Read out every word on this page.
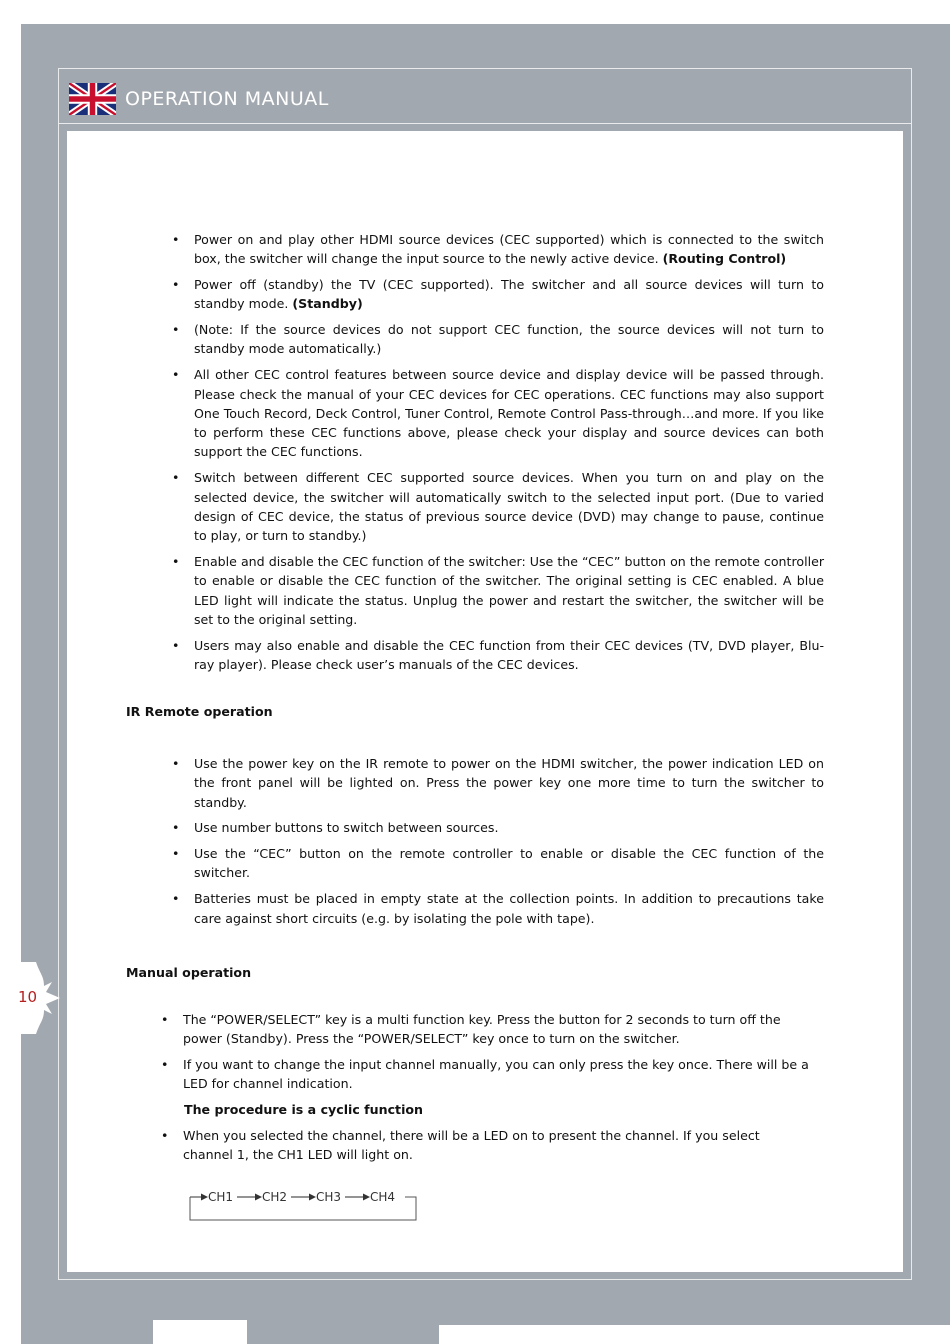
OPERATION MANUAL
• Power on and play other HDMI source devices (CEC supported) which is connected to the switch box, the switcher will change the input source to the newly active device. (Routing Control)
• Power off (standby) the TV (CEC supported). The switcher and all source devices will turn to standby mode. (Standby)
• (Note: If the source devices do not support CEC function, the source devices will not turn to standby mode automatically.)
• All other CEC control features between source device and display device will be passed through. Please check the manual of your CEC devices for CEC operations. CEC functions may also support One Touch Record, Deck Control, Tuner Control, Remote Control Pass-through…and more. If you like to perform these CEC functions above, please check your display and source devices can both support the CEC functions.
• Switch between different CEC supported source devices. When you turn on and play on the selected device, the switcher will automatically switch to the selected input port. (Due to varied design of CEC device, the status of previous source device (DVD) may change to pause, continue to play, or turn to standby.)
• Enable and disable the CEC function of the switcher: Use the “CEC” button on the remote controller to enable or disable the CEC function of the switcher. The original setting is CEC enabled. A blue LED light will indicate the status. Unplug the power and restart the switcher, the switcher will be set to the original setting.
• Users may also enable and disable the CEC function from their CEC devices (TV, DVD player, Blu-ray player). Please check user’s manuals of the CEC devices.
IR Remote operation
• Use the power key on the IR remote to power on the HDMI switcher, the power indication LED on the front panel will be lighted on. Press the power key one more time to turn the switcher to standby.
• Use number buttons to switch between sources.
• Use the “CEC” button on the remote controller to enable or disable the CEC function of the switcher.
• Batteries must be placed in empty state at the collection points. In addition to precautions take care against short circuits (e.g. by isolating the pole with tape).
Manual operation
• The “POWER/SELECT” key is a multi function key. Press the button for 2 seconds to turn off the power (Standby). Press the “POWER/SELECT” key once to turn on the switcher.
• If you want to change the input channel manually, you can only press the key once. There will be a LED for channel indication.
The procedure is a cyclic function
• When you selected the channel, there will be a LED on to present the channel. If you select channel 1, the CH1 LED will light on.
CH1 CH2 CH3 CH4
10
